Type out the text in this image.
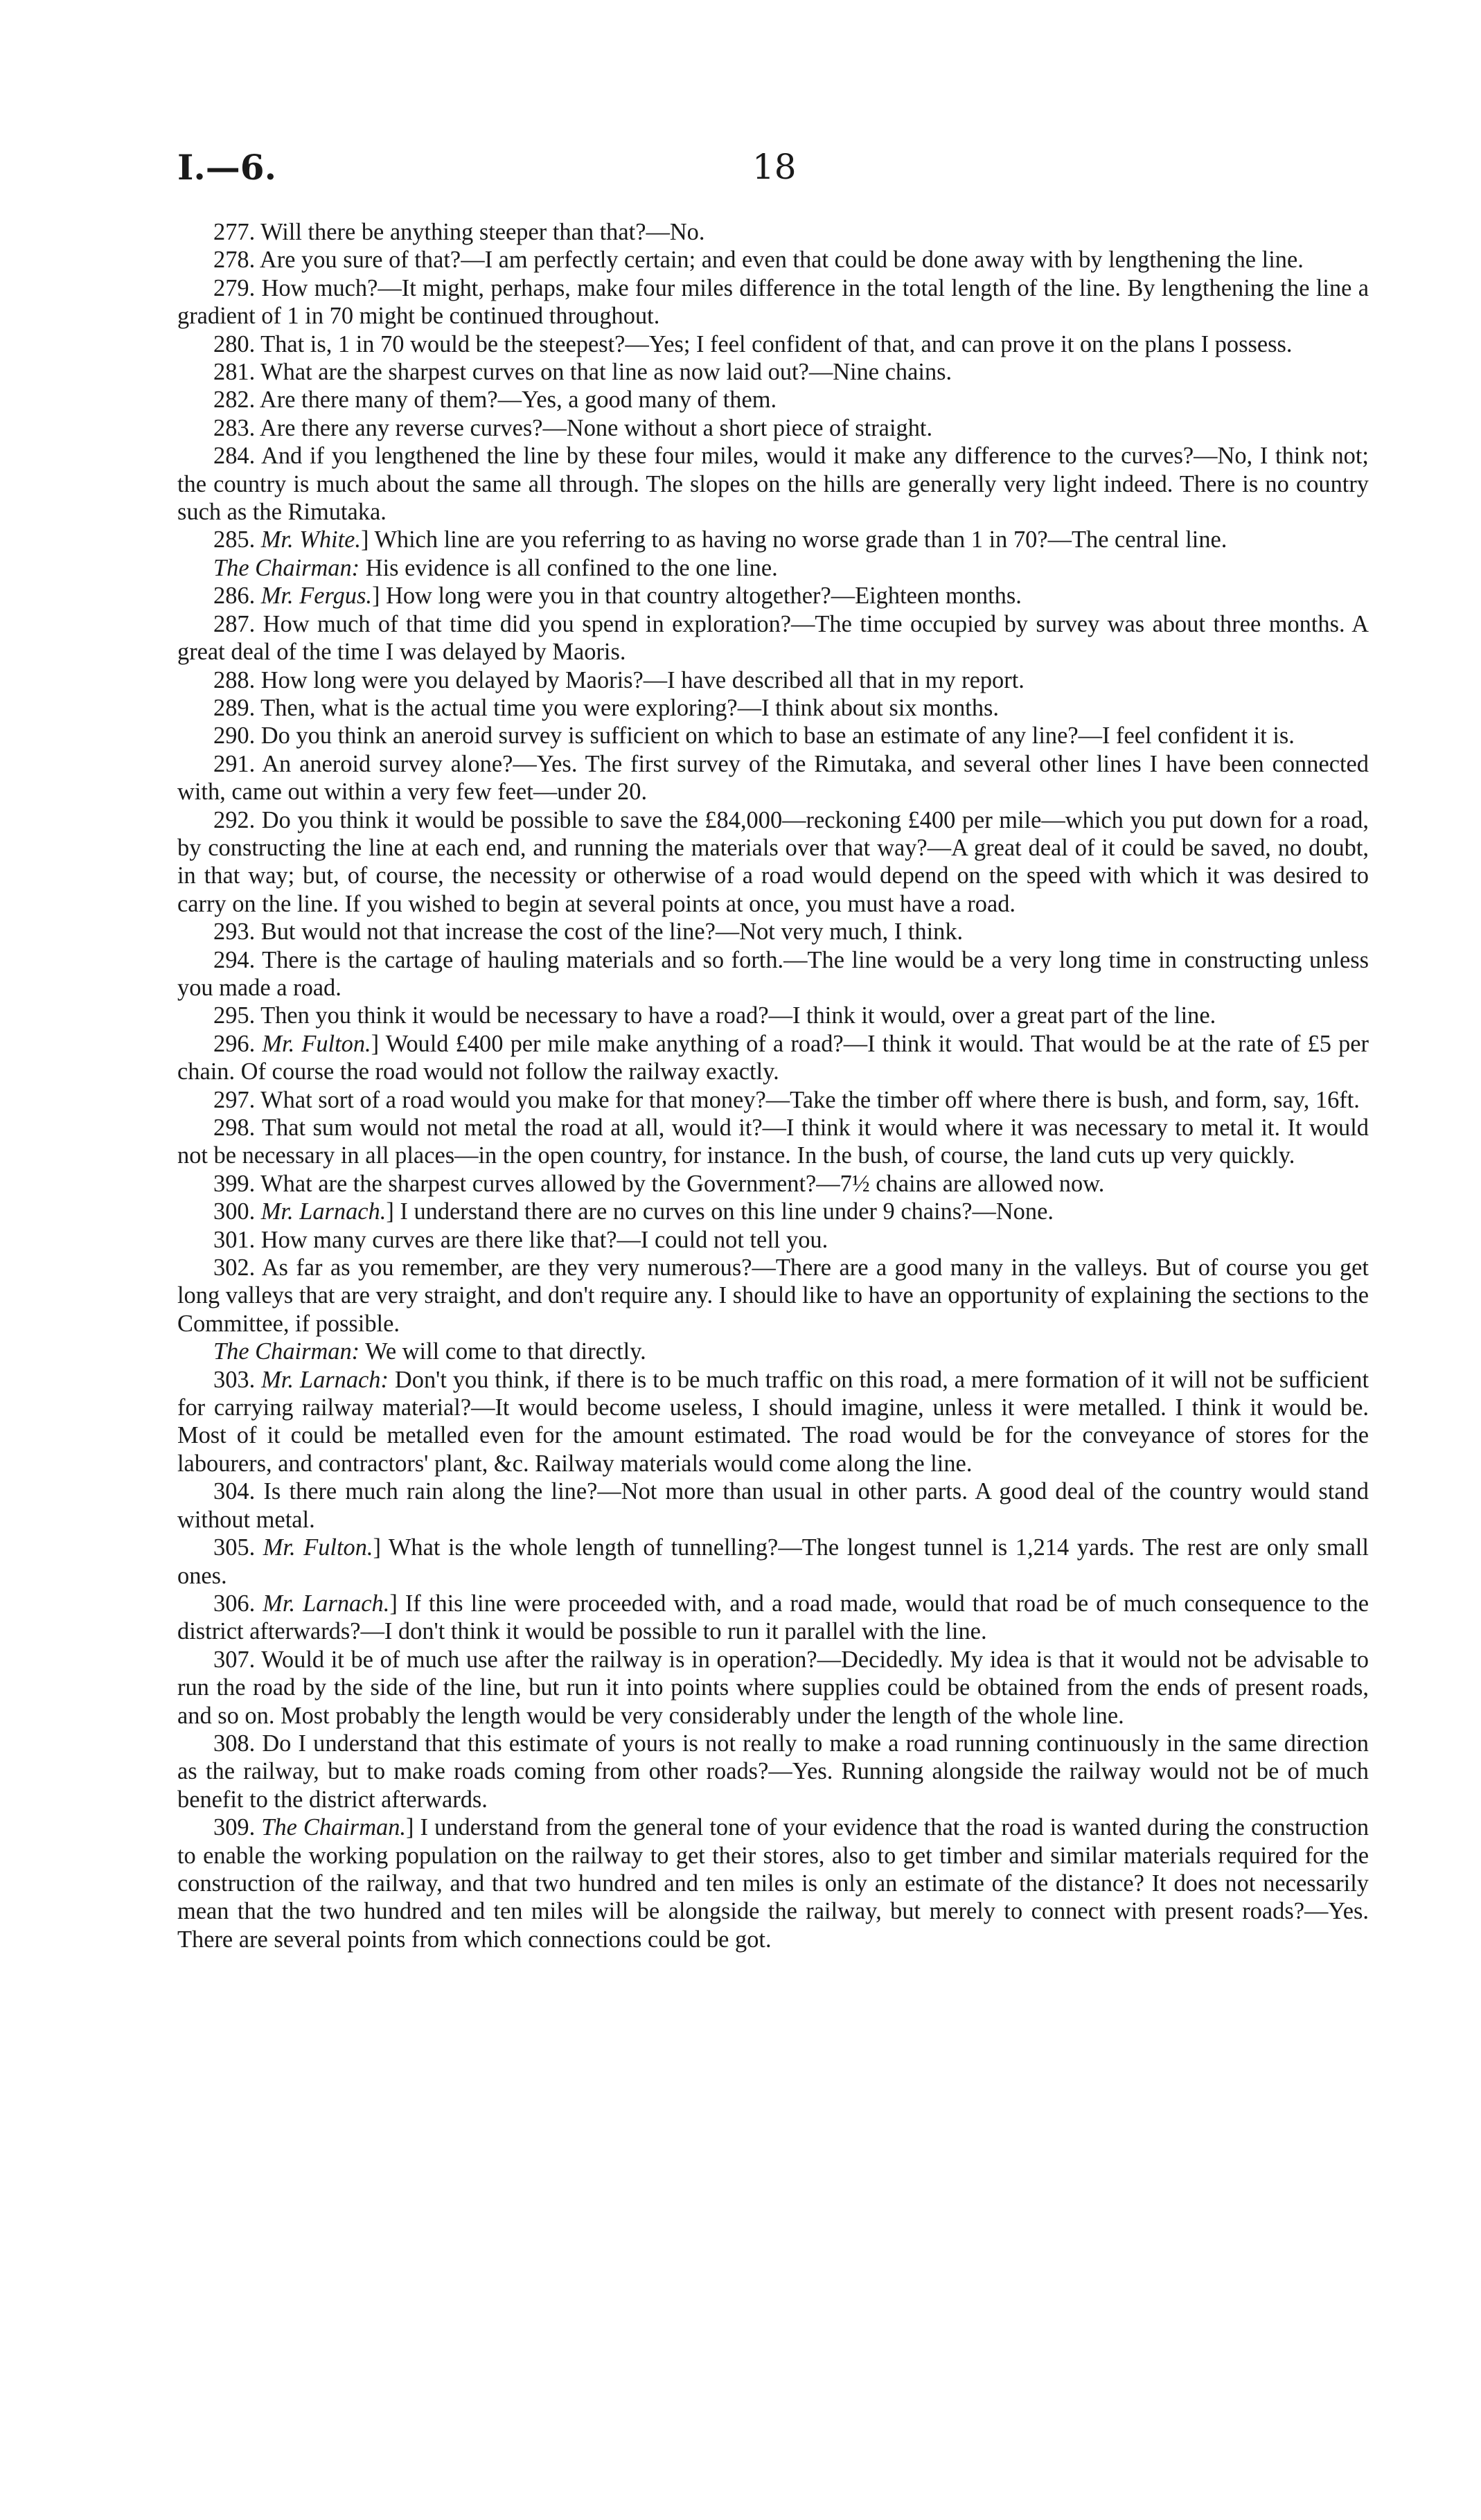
I.—6.	18

277. Will there be anything steeper than that?—No.

278. Are you sure of that?—I am perfectly certain; and even that could be done away with by lengthening the line.

279. How much?—It might, perhaps, make four miles difference in the total length of the line. By lengthening the line a gradient of 1 in 70 might be continued throughout.

280. That is, 1 in 70 would be the steepest?—Yes; I feel confident of that, and can prove it on the plans I possess.

281. What are the sharpest curves on that line as now laid out?—Nine chains.

282. Are there many of them?—Yes, a good many of them.

283. Are there any reverse curves?—None without a short piece of straight.

284. And if you lengthened the line by these four miles, would it make any difference to the curves?—No, I think not; the country is much about the same all through. The slopes on the hills are generally very light indeed. There is no country such as the Rimutaka.

285. Mr. White.] Which line are you referring to as having no worse grade than 1 in 70?—The central line.

The Chairman: His evidence is all confined to the one line.

286. Mr. Fergus.] How long were you in that country altogether?—Eighteen months.

287. How much of that time did you spend in exploration?—The time occupied by survey was about three months. A great deal of the time I was delayed by Maoris.

288. How long were you delayed by Maoris?—I have described all that in my report.

289. Then, what is the actual time you were exploring?—I think about six months.

290. Do you think an aneroid survey is sufficient on which to base an estimate of any line?—I feel confident it is.

291. An aneroid survey alone?—Yes. The first survey of the Rimutaka, and several other lines I have been connected with, came out within a very few feet—under 20.

292. Do you think it would be possible to save the £84,000—reckoning £400 per mile—which you put down for a road, by constructing the line at each end, and running the materials over that way?—A great deal of it could be saved, no doubt, in that way; but, of course, the necessity or otherwise of a road would depend on the speed with which it was desired to carry on the line. If you wished to begin at several points at once, you must have a road.

293. But would not that increase the cost of the line?—Not very much, I think.

294. There is the cartage of hauling materials and so forth.—The line would be a very long time in constructing unless you made a road.

295. Then you think it would be necessary to have a road?—I think it would, over a great part of the line.

296. Mr. Fulton.] Would £400 per mile make anything of a road?—I think it would. That would be at the rate of £5 per chain. Of course the road would not follow the railway exactly.

297. What sort of a road would you make for that money?—Take the timber off where there is bush, and form, say, 16ft.

298. That sum would not metal the road at all, would it?—I think it would where it was necessary to metal it. It would not be necessary in all places—in the open country, for instance. In the bush, of course, the land cuts up very quickly.

399. What are the sharpest curves allowed by the Government?—7½ chains are allowed now.

300. Mr. Larnach.] I understand there are no curves on this line under 9 chains?—None.

301. How many curves are there like that?—I could not tell you.

302. As far as you remember, are they very numerous?—There are a good many in the valleys. But of course you get long valleys that are very straight, and don't require any. I should like to have an opportunity of explaining the sections to the Committee, if possible.

The Chairman: We will come to that directly.

303. Mr. Larnach: Don't you think, if there is to be much traffic on this road, a mere formation of it will not be sufficient for carrying railway material?—It would become useless, I should imagine, unless it were metalled. I think it would be. Most of it could be metalled even for the amount estimated. The road would be for the conveyance of stores for the labourers, and contractors' plant, &c. Railway materials would come along the line.

304. Is there much rain along the line?—Not more than usual in other parts. A good deal of the country would stand without metal.

305. Mr. Fulton.] What is the whole length of tunnelling?—The longest tunnel is 1,214 yards. The rest are only small ones.

306. Mr. Larnach.] If this line were proceeded with, and a road made, would that road be of much consequence to the district afterwards?—I don't think it would be possible to run it parallel with the line.

307. Would it be of much use after the railway is in operation?—Decidedly. My idea is that it would not be advisable to run the road by the side of the line, but run it into points where supplies could be obtained from the ends of present roads, and so on. Most probably the length would be very considerably under the length of the whole line.

308. Do I understand that this estimate of yours is not really to make a road running continuously in the same direction as the railway, but to make roads coming from other roads?—Yes. Running alongside the railway would not be of much benefit to the district afterwards.

309. The Chairman.] I understand from the general tone of your evidence that the road is wanted during the construction to enable the working population on the railway to get their stores, also to get timber and similar materials required for the construction of the railway, and that two hundred and ten miles is only an estimate of the distance? It does not necessarily mean that the two hundred and ten miles will be alongside the railway, but merely to connect with present roads?—Yes. There are several points from which connections could be got.
